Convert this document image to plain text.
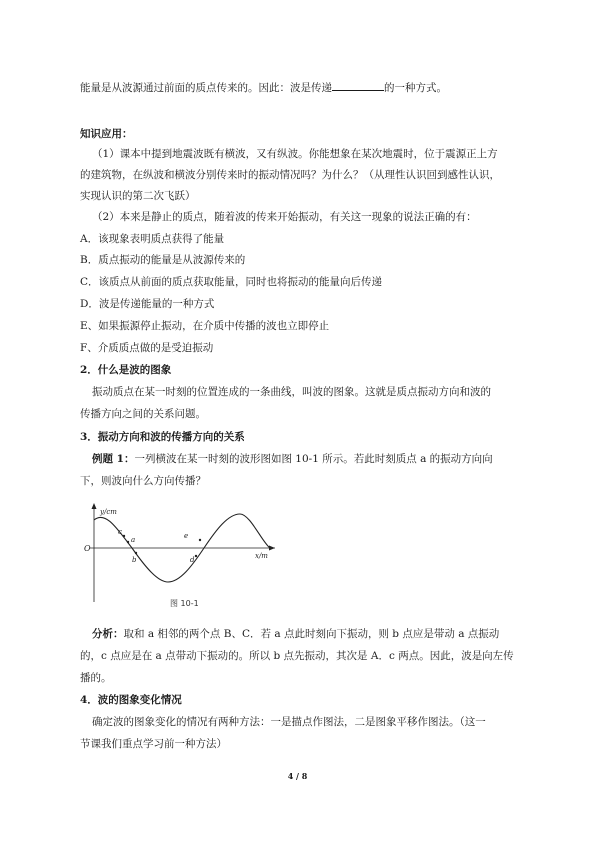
能量是从波源通过前面的质点传来的。因此：波是传递	的一种方式。
知识应用：
（1）课本中提到地震波既有横波，又有纵波。你能想象在某次地震时，位于震源正上方
的建筑物，在纵波和横波分别传来时的振动情况吗？为什么？（从理性认识回到感性认识，
实现认识的第二次飞跃）
（2）本来是静止的质点，随着波的传来开始振动，有关这一现象的说法正确的有：
A．该现象表明质点获得了能量
B．质点振动的能量是从波源传来的
C．该质点从前面的质点获取能量，同时也将振动的能量向后传递
D．波是传递能量的一种方式
E、如果振源停止振动，在介质中传播的波也立即停止
F、介质质点做的是受迫振动
2．什么是波的图象
振动质点在某一时刻的位置连成的一条曲线，叫波的图象。这就是质点振动方向和波的
传播方向之间的关系问题。
3．振动方向和波的传播方向的关系
例题 1：一列横波在某一时刻的波形图如图 10-1 所示。若此时刻质点 a 的振动方向向
下，则波向什么方向传播？
y/cm
x/m
O
c
a
b
e
d
图 10-1
分析：取和 a 相邻的两个点 B、C．若 a 点此时刻向下振动，则 b 点应是带动 a 点振动
的，c 点应是在 a 点带动下振动的。所以 b 点先振动，其次是 A．c 两点。因此，波是向左传
播的。
4．波的图象变化情况
确定波的图象变化的情况有两种方法：一是描点作图法，二是图象平移作图法。（这一
节课我们重点学习前一种方法）
4 / 8
